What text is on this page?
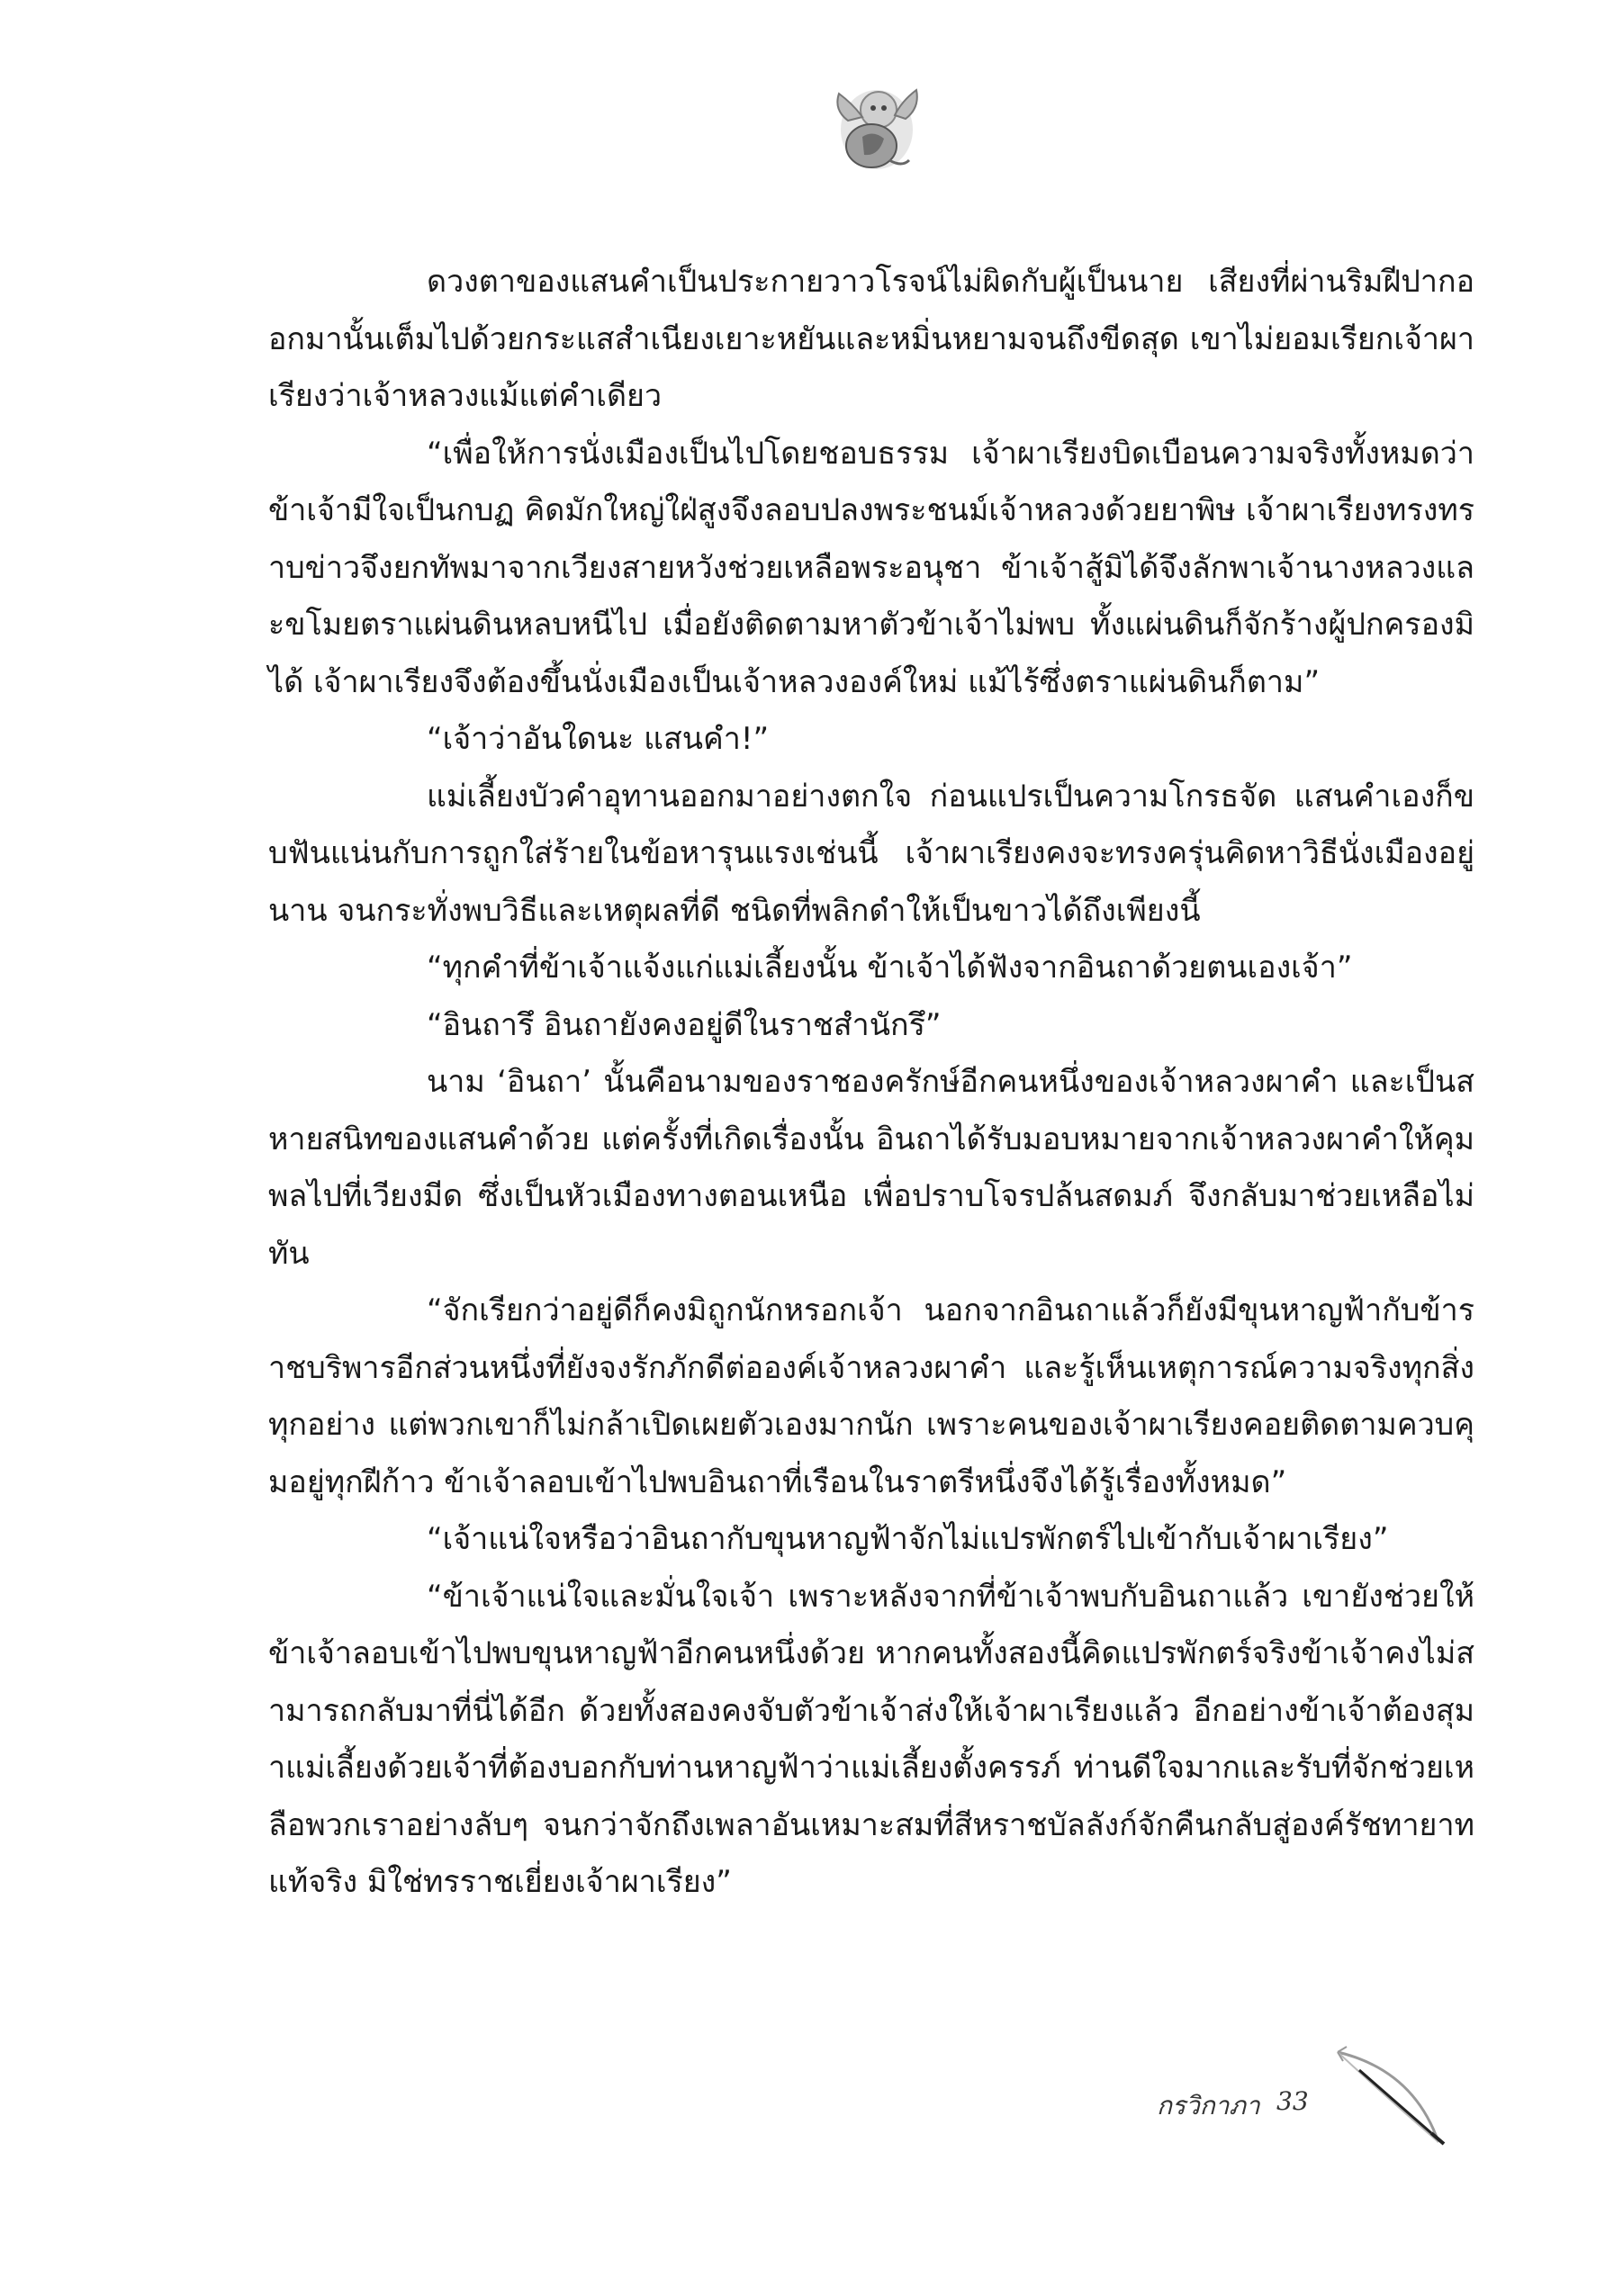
ดวงตาของแสนคำเป็นประกายวาวโรจน์ไม่ผิดกับผู้เป็นนาย เสียงที่ผ่านริมฝีปากออกมานั้นเต็มไปด้วยกระแสสำเนียงเยาะหยันและหมิ่นหยามจนถึงขีดสุด เขาไม่ยอมเรียกเจ้าผาเรียงว่าเจ้าหลวงแม้แต่คำเดียว

“เพื่อให้การนั่งเมืองเป็นไปโดยชอบธรรม เจ้าผาเรียงบิดเบือนความจริงทั้งหมดว่า ข้าเจ้ามีใจเป็นกบฏ คิดมักใหญ่ใฝ่สูงจึงลอบปลงพระชนม์เจ้าหลวงด้วยยาพิษ เจ้าผาเรียงทรงทราบข่าวจึงยกทัพมาจากเวียงสายหวังช่วยเหลือพระอนุชา ข้าเจ้าสู้มิได้จึงลักพาเจ้านางหลวงและขโมยตราแผ่นดินหลบหนีไป เมื่อยังติดตามหาตัวข้าเจ้าไม่พบ ทั้งแผ่นดินก็จักร้างผู้ปกครองมิได้ เจ้าผาเรียงจึงต้องขึ้นนั่งเมืองเป็นเจ้าหลวงองค์ใหม่ แม้ไร้ซึ่งตราแผ่นดินก็ตาม”

“เจ้าว่าอันใดนะ แสนคำ!”

แม่เลี้ยงบัวคำอุทานออกมาอย่างตกใจ ก่อนแปรเป็นความโกรธจัด แสนคำเองก็ขบฟันแน่นกับการถูกใส่ร้ายในข้อหารุนแรงเช่นนี้ เจ้าผาเรียงคงจะทรงครุ่นคิดหาวิธีนั่งเมืองอยู่นาน จนกระทั่งพบวิธีและเหตุผลที่ดี ชนิดที่พลิกดำให้เป็นขาวได้ถึงเพียงนี้

“ทุกคำที่ข้าเจ้าแจ้งแก่แม่เลี้ยงนั้น ข้าเจ้าได้ฟังจากอินถาด้วยตนเองเจ้า”

“อินถารึ อินถายังคงอยู่ดีในราชสำนักรึ”

นาม ‘อินถา’ นั้นคือนามของราชองครักษ์อีกคนหนึ่งของเจ้าหลวงผาคำ และเป็นสหายสนิทของแสนคำด้วย แต่ครั้งที่เกิดเรื่องนั้น อินถาได้รับมอบหมายจากเจ้าหลวงผาคำให้คุมพลไปที่เวียงมีด ซึ่งเป็นหัวเมืองทางตอนเหนือ เพื่อปราบโจรปล้นสดมภ์ จึงกลับมาช่วยเหลือไม่ทัน

“จักเรียกว่าอยู่ดีก็คงมิถูกนักหรอกเจ้า นอกจากอินถาแล้วก็ยังมีขุนหาญฟ้ากับข้าราชบริพารอีกส่วนหนึ่งที่ยังจงรักภักดีต่อองค์เจ้าหลวงผาคำ และรู้เห็นเหตุการณ์ความจริงทุกสิ่งทุกอย่าง แต่พวกเขาก็ไม่กล้าเปิดเผยตัวเองมากนัก เพราะคนของเจ้าผาเรียงคอยติดตามควบคุมอยู่ทุกฝีก้าว ข้าเจ้าลอบเข้าไปพบอินถาที่เรือนในราตรีหนึ่งจึงได้รู้เรื่องทั้งหมด”

“เจ้าแน่ใจหรือว่าอินถากับขุนหาญฟ้าจักไม่แปรพักตร์ไปเข้ากับเจ้าผาเรียง”

“ข้าเจ้าแน่ใจและมั่นใจเจ้า เพราะหลังจากที่ข้าเจ้าพบกับอินถาแล้ว เขายังช่วยให้ข้าเจ้าลอบเข้าไปพบขุนหาญฟ้าอีกคนหนึ่งด้วย หากคนทั้งสองนี้คิดแปรพักตร์จริงข้าเจ้าคงไม่สามารถกลับมาที่นี่ได้อีก ด้วยทั้งสองคงจับตัวข้าเจ้าส่งให้เจ้าผาเรียงแล้ว อีกอย่างข้าเจ้าต้องสุมาแม่เลี้ยงด้วยเจ้าที่ต้องบอกกับท่านหาญฟ้าว่าแม่เลี้ยงตั้งครรภ์ ท่านดีใจมากและรับที่จักช่วยเหลือพวกเราอย่างลับๆ จนกว่าจักถึงเพลาอันเหมาะสมที่สีหราชบัลลังก์จักคืนกลับสู่องค์รัชทายาทแท้จริง มิใช่ทรราชเยี่ยงเจ้าผาเรียง”

กรวิกาภา 33
